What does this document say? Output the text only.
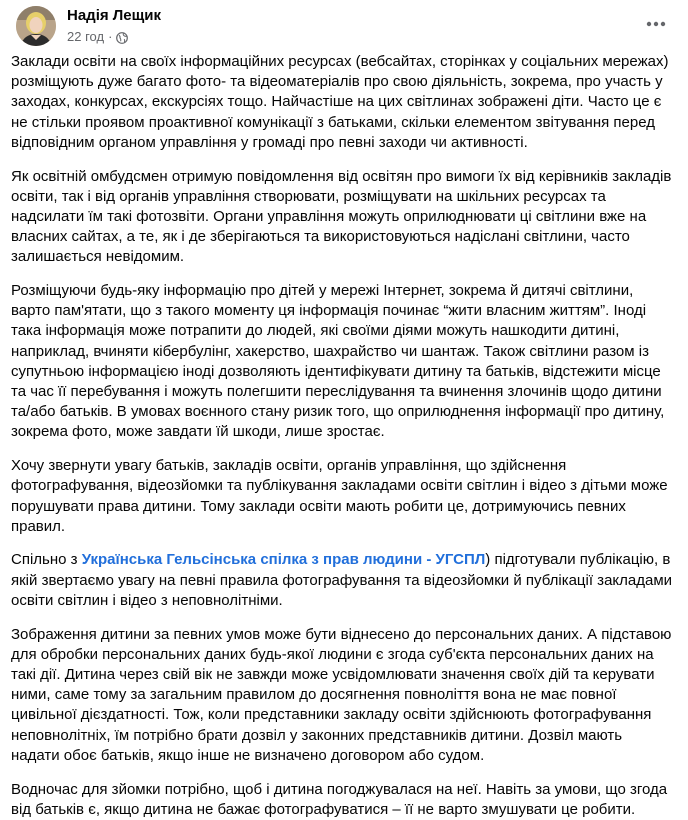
Надія Лещик
22 год ·

Заклади освіти на своїх інформаційних ресурсах (вебсайтах, сторінках у соціальних мережах) розміщують дуже багато фото- та відеоматеріалів про свою діяльність, зокрема, про участь у заходах, конкурсах, екскурсіях тощо. Найчастіше на цих світлинах зображені діти. Часто це є не стільки проявом проактивної комунікації з батьками, скільки елементом звітування перед відповідним органом управління у громаді про певні заходи чи активності.

Як освітній омбудсмен отримую повідомлення від освітян про вимоги їх від керівників закладів освіти, так і від органів управління створювати, розміщувати на шкільних ресурсах та надсилати їм такі фотозвіти. Органи управління можуть оприлюднювати ці світлини вже на власних сайтах, а те, як і де зберігаються та використовуються надіслані світлини, часто залишається невідомим.

Розміщуючи будь-яку інформацію про дітей у мережі Інтернет, зокрема й дитячі світлини, варто пам'ятати, що з такого моменту ця інформація починає “жити власним життям”. Іноді така інформація може потрапити до людей, які своїми діями можуть нашкодити дитині, наприклад, вчиняти кібербулінг, хакерство, шахрайство чи шантаж. Також світлини разом із супутньою інформацією іноді дозволяють ідентифікувати дитину та батьків, відстежити місце та час її перебування і можуть полегшити переслідування та вчинення злочинів щодо дитини та/або батьків. В умовах воєнного стану ризик того, що оприлюднення інформації про дитину, зокрема фото, може завдати їй шкоди, лише зростає.

Хочу звернути увагу батьків, закладів освіти, органів управління, що здійснення фотографування, відеозйомки та публікування закладами освіти світлин і відео з дітьми може порушувати права дитини. Тому заклади освіти мають робити це, дотримуючись певних правил.

Спільно з Українська Гельсінська спілка з прав людини - УГСПЛ) підготували публікацію, в якій звертаємо увагу на певні правила фотографування та відеозйомки й публікації закладами освіти світлин і відео з неповнолітніми.

Зображення дитини за певних умов може бути віднесено до персональних даних. А підставою для обробки персональних даних будь-якої людини є згода суб'єкта персональних даних на такі дії. Дитина через свій вік не завжди може усвідомлювати значення своїх дій та керувати ними, саме тому за загальним правилом до досягнення повноліття вона не має повної цивільної дієздатності. Тож, коли представники закладу освіти здійснюють фотографування неповнолітніх, їм потрібно брати дозвіл у законних представників дитини. Дозвіл мають надати обоє батьків, якщо інше не визначено договором або судом.

Водночас для зйомки потрібно, щоб і дитина погоджувалася на неї. Навіть за умови, що згода від батьків є, якщо дитина не бажає фотографуватися – її не варто змушувати це робити.
